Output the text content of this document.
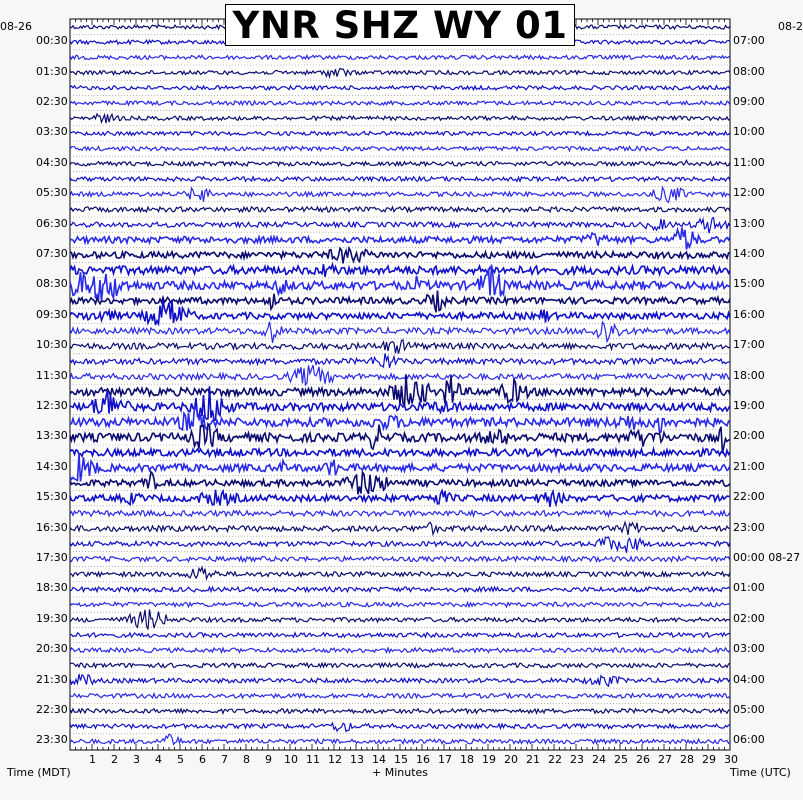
YNR SHZ WY 01
08-26	08-2
Time (MDT)	+ Minutes	Time (UTC)
00:30
01:30
02:30
03:30
04:30
05:30
06:30
07:30
08:30
09:30
10:30
11:30
12:30
13:30
14:30
15:30
16:30
17:30
18:30
19:30
20:30
21:30
22:30
23:30
07:00
08:00
09:00
10:00
11:00
12:00
13:00
14:00
15:00
16:00
17:00
18:00
19:00
20:00
21:00
22:00
23:00
00:00 08-27
01:00
02:00
03:00
04:00
05:00
06:00
1 2 3 4 5 6 7 8 9 10 11 12 13 14 15 16 17 18 19 20 21 22 23 24 25 26 27 28 29 30
